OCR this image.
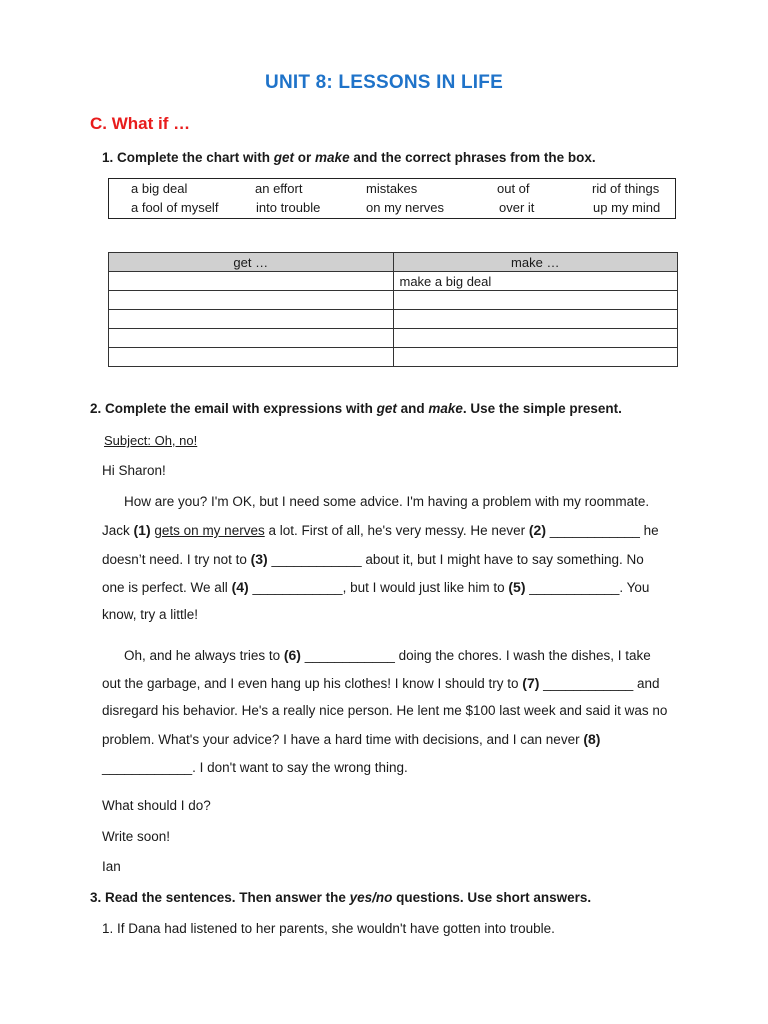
UNIT 8: LESSONS IN LIFE
C. What if …
1. Complete the chart with get or make and the correct phrases from the box.
a big deal	an effort	mistakes	out of	rid of things
a fool of myself	into trouble	on my nerves	over it	up my mind
get …	make …
	make a big deal

2. Complete the email with expressions with get and make. Use the simple present.
Subject: Oh, no!
Hi Sharon!
How are you? I'm OK, but I need some advice. I'm having a problem with my roommate.
Jack (1) gets on my nerves a lot. First of all, he's very messy. He never (2) ____________ he
doesn’t need. I try not to (3) ____________ about it, but I might have to say something. No
one is perfect. We all (4) ____________, but I would just like him to (5) ____________. You
know, try a little!
Oh, and he always tries to (6) ____________ doing the chores. I wash the dishes, I take
out the garbage, and I even hang up his clothes! I know I should try to (7) ____________ and
disregard his behavior. He's a really nice person. He lent me $100 last week and said it was no
problem. What's your advice? I have a hard time with decisions, and I can never (8)
____________. I don't want to say the wrong thing.
What should I do?
Write soon!
Ian
3. Read the sentences. Then answer the yes/no questions. Use short answers.
1. If Dana had listened to her parents, she wouldn't have gotten into trouble.
